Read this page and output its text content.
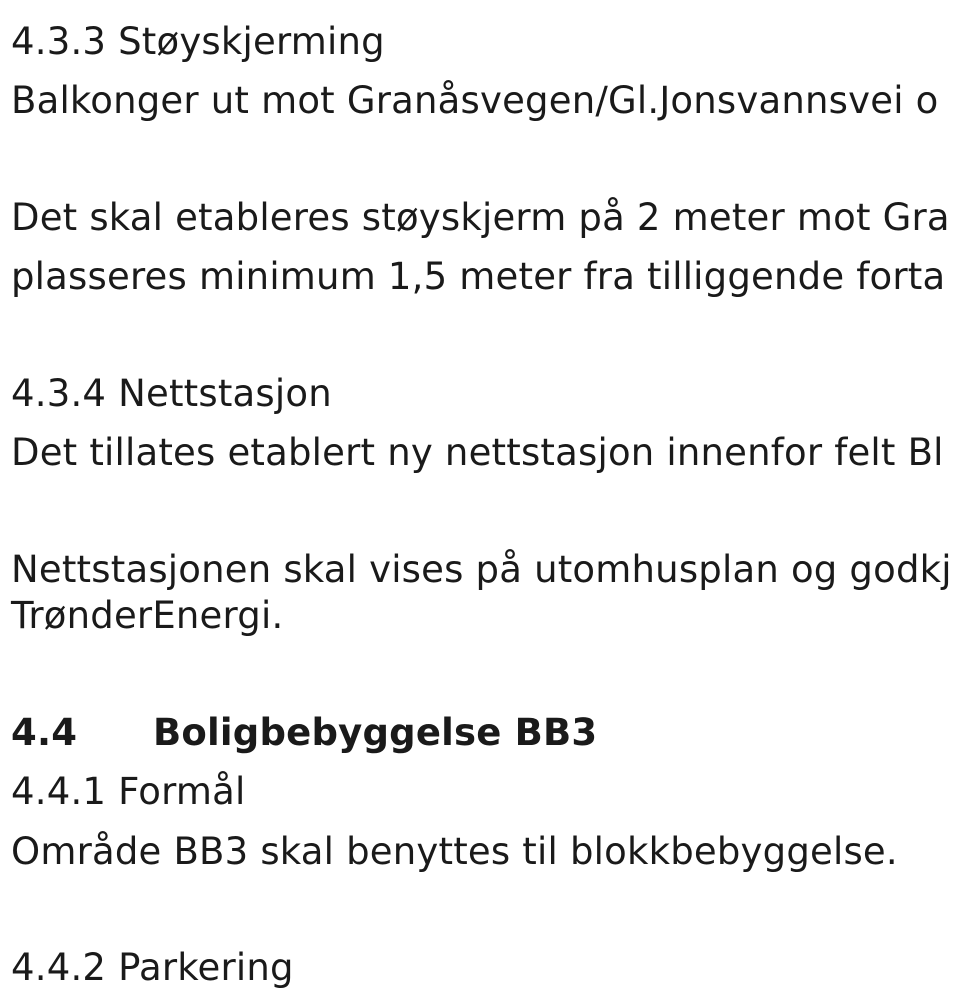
4.3.3 Støyskjerming
Balkonger ut mot Granåsvegen/Gl.Jonsvannsvei o
Det skal etableres støyskjerm på 2 meter mot Gra
plasseres minimum 1,5 meter fra tilliggende forta
4.3.4 Nettstasjon
Det tillates etablert ny nettstasjon innenfor felt Bl
Nettstasjonen skal vises på utomhusplan og godkj
TrønderEnergi.
4.4 Boligbebyggelse BB3
4.4.1 Formål
Område BB3 skal benyttes til blokkbebyggelse.
4.4.2 Parkering
